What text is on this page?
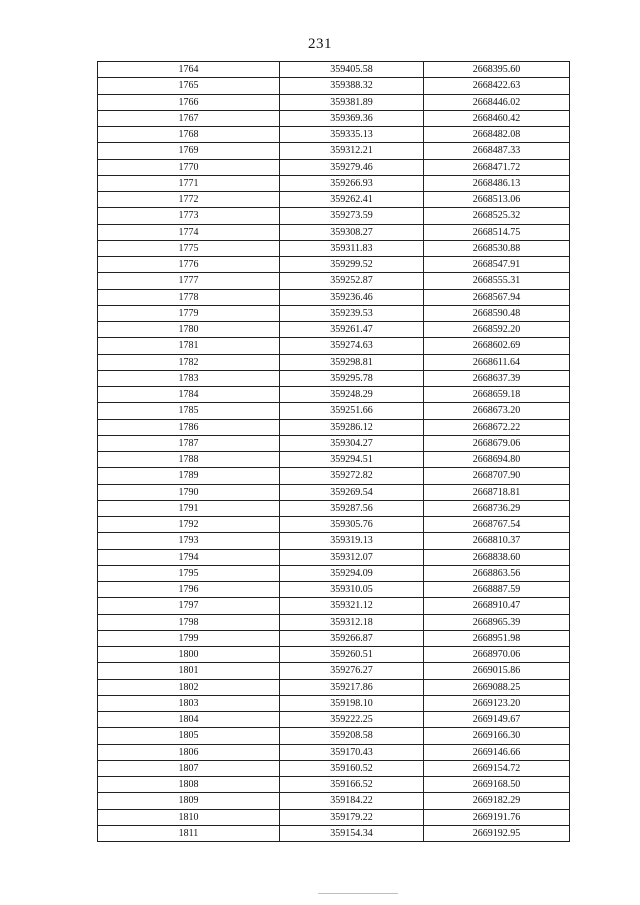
231
1764	359405.58	2668395.60
1765	359388.32	2668422.63
1766	359381.89	2668446.02
1767	359369.36	2668460.42
1768	359335.13	2668482.08
1769	359312.21	2668487.33
1770	359279.46	2668471.72
1771	359266.93	2668486.13
1772	359262.41	2668513.06
1773	359273.59	2668525.32
1774	359308.27	2668514.75
1775	359311.83	2668530.88
1776	359299.52	2668547.91
1777	359252.87	2668555.31
1778	359236.46	2668567.94
1779	359239.53	2668590.48
1780	359261.47	2668592.20
1781	359274.63	2668602.69
1782	359298.81	2668611.64
1783	359295.78	2668637.39
1784	359248.29	2668659.18
1785	359251.66	2668673.20
1786	359286.12	2668672.22
1787	359304.27	2668679.06
1788	359294.51	2668694.80
1789	359272.82	2668707.90
1790	359269.54	2668718.81
1791	359287.56	2668736.29
1792	359305.76	2668767.54
1793	359319.13	2668810.37
1794	359312.07	2668838.60
1795	359294.09	2668863.56
1796	359310.05	2668887.59
1797	359321.12	2668910.47
1798	359312.18	2668965.39
1799	359266.87	2668951.98
1800	359260.51	2668970.06
1801	359276.27	2669015.86
1802	359217.86	2669088.25
1803	359198.10	2669123.20
1804	359222.25	2669149.67
1805	359208.58	2669166.30
1806	359170.43	2669146.66
1807	359160.52	2669154.72
1808	359166.52	2669168.50
1809	359184.22	2669182.29
1810	359179.22	2669191.76
1811	359154.34	2669192.95
